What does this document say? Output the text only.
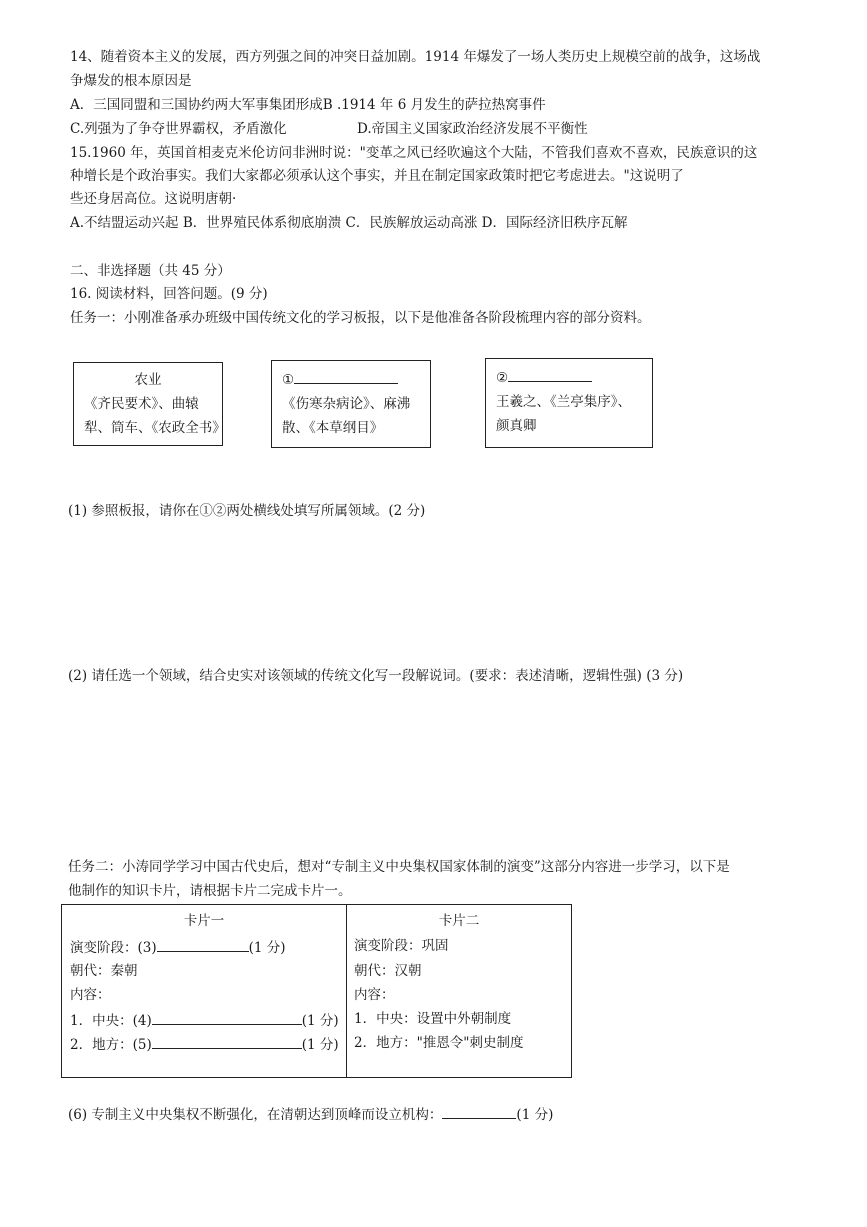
14、随着资本主义的发展，西方列强之间的冲突日益加剧。1914 年爆发了一场人类历史上规模空前的战争，这场战
争爆发的根本原因是
A．三国同盟和三国协约两大军事集团形成B .1914 年 6 月发生的萨拉热窝事件
C.列强为了争夺世界霸权，矛盾激化	D.帝国主义国家政治经济发展不平衡性
15.1960 年，英国首相麦克米伦访问非洲时说："变革之风已经吹遍这个大陆，不管我们喜欢不喜欢，民族意识的这
种增长是个政治事实。我们大家都必须承认这个事实，并且在制定国家政策时把它考虑进去。"这说明了
些还身居高位。这说明唐朝·
A.不结盟运动兴起 B．世界殖民体系彻底崩溃 C．民族解放运动高涨 D．国际经济旧秩序瓦解
二、非选择题（共 45 分）
16. 阅读材料，回答问题。(9 分)
任务一：小刚准备承办班级中国传统文化的学习板报，以下是他准备各阶段梳理内容的部分资料。
农业
《齐民要术》、曲辕
犁、筒车、《农政全书》
①
《伤寒杂病论》、麻沸
散、《本草纲目》
②
王羲之、《兰亭集序》、
颜真卿
(1) 参照板报，请你在①②两处横线处填写所属领域。(2 分)
(2) 请任选一个领域，结合史实对该领域的传统文化写一段解说词。(要求：表述清晰，逻辑性强) (3 分)
任务二：小涛同学学习中国古代史后，想对“专制主义中央集权国家体制的演变”这部分内容进一步学习，以下是
他制作的知识卡片，请根据卡片二完成卡片一。
卡片一
演变阶段：(3)	(1 分)
朝代：秦朝
内容：
1．中央：(4)	(1 分)
2．地方：(5)	(1 分)
卡片二
演变阶段：巩固
朝代：汉朝
内容：
1．中央：设置中外朝制度
2．地方："推恩令"刺史制度
(6) 专制主义中央集权不断强化，在清朝达到顶峰而设立机构：	(1 分)
